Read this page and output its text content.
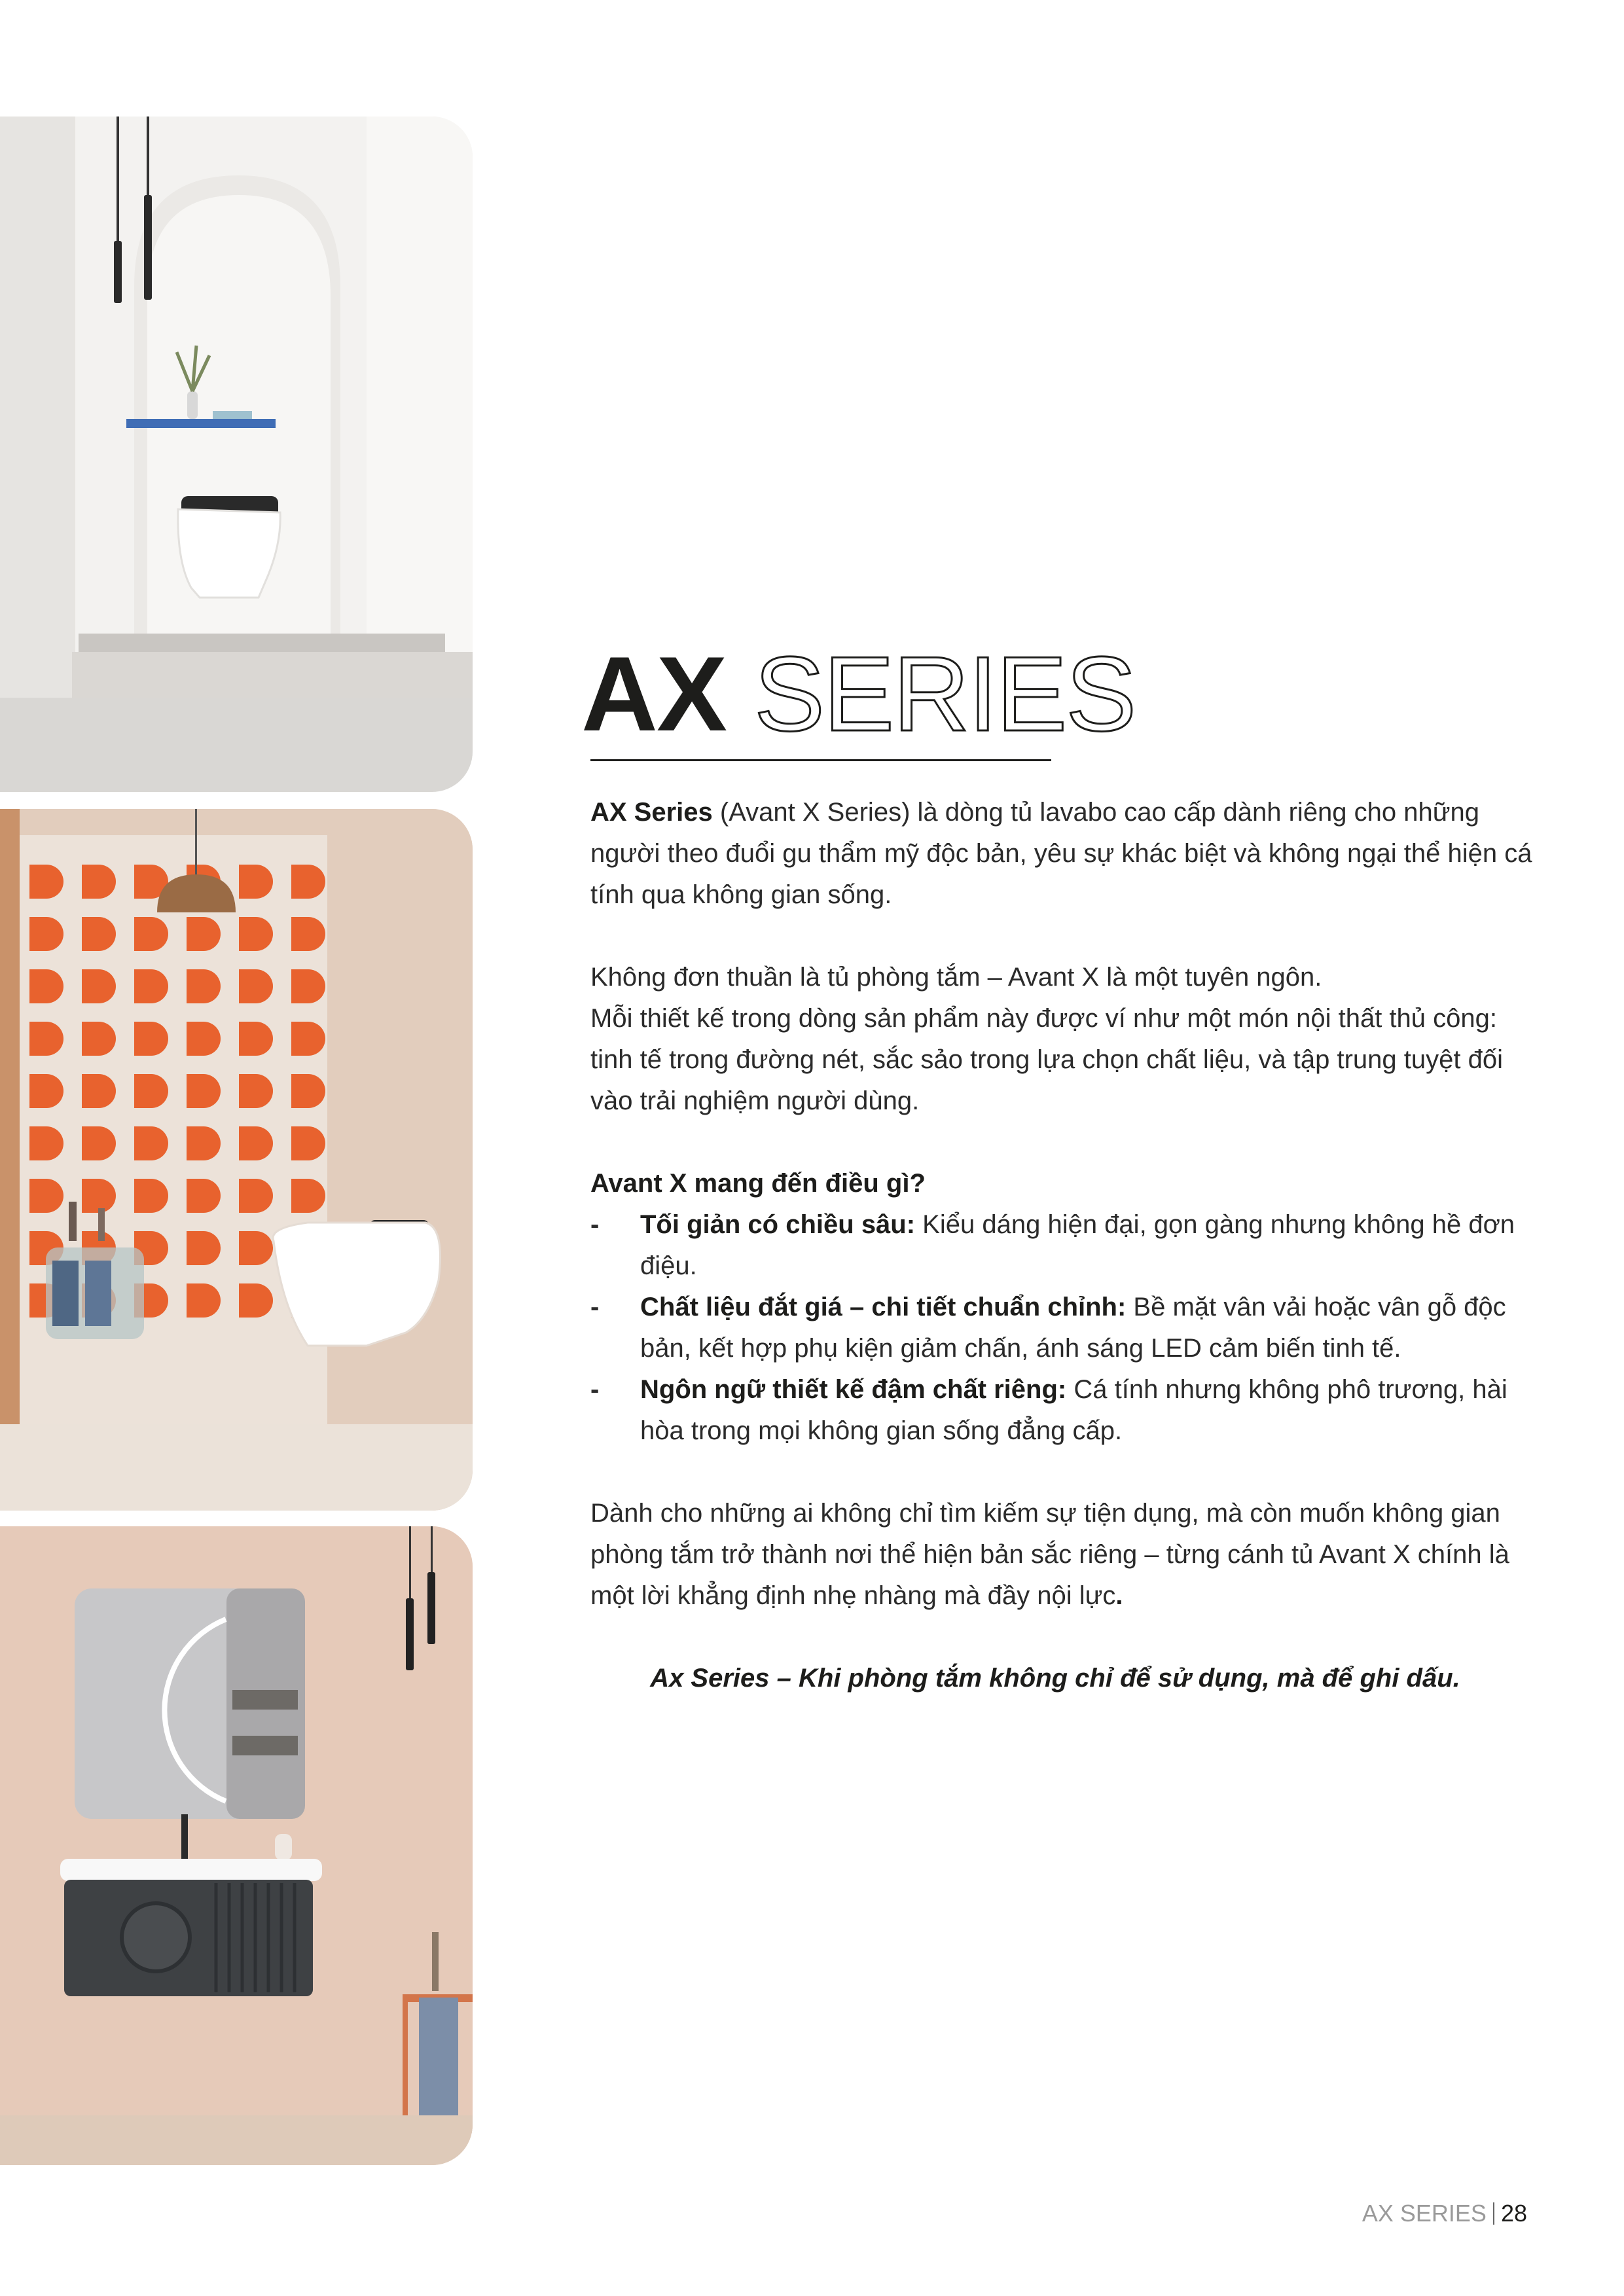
AX SERIES

AX Series (Avant X Series) là dòng tủ lavabo cao cấp dành riêng cho những người theo đuổi gu thẩm mỹ độc bản, yêu sự khác biệt và không ngại thể hiện cá tính qua không gian sống.

Không đơn thuần là tủ phòng tắm – Avant X là một tuyên ngôn.

Mỗi thiết kế trong dòng sản phẩm này được ví như một món nội thất thủ công: tinh tế trong đường nét, sắc sảo trong lựa chọn chất liệu, và tập trung tuyệt đối vào trải nghiệm người dùng.

Avant X mang đến điều gì?

- Tối giản có chiều sâu: Kiểu dáng hiện đại, gọn gàng nhưng không hề đơn điệu.
- Chất liệu đắt giá – chi tiết chuẩn chỉnh: Bề mặt vân vải hoặc vân gỗ độc bản, kết hợp phụ kiện giảm chấn, ánh sáng LED cảm biến tinh tế.
- Ngôn ngữ thiết kế đậm chất riêng: Cá tính nhưng không phô trương, hài hòa trong mọi không gian sống đẳng cấp.

Dành cho những ai không chỉ tìm kiếm sự tiện dụng, mà còn muốn không gian phòng tắm trở thành nơi thể hiện bản sắc riêng – từng cánh tủ Avant X chính là một lời khẳng định nhẹ nhàng mà đầy nội lực.

Ax Series – Khi phòng tắm không chỉ để sử dụng, mà để ghi dấu.

AX SERIES 28
